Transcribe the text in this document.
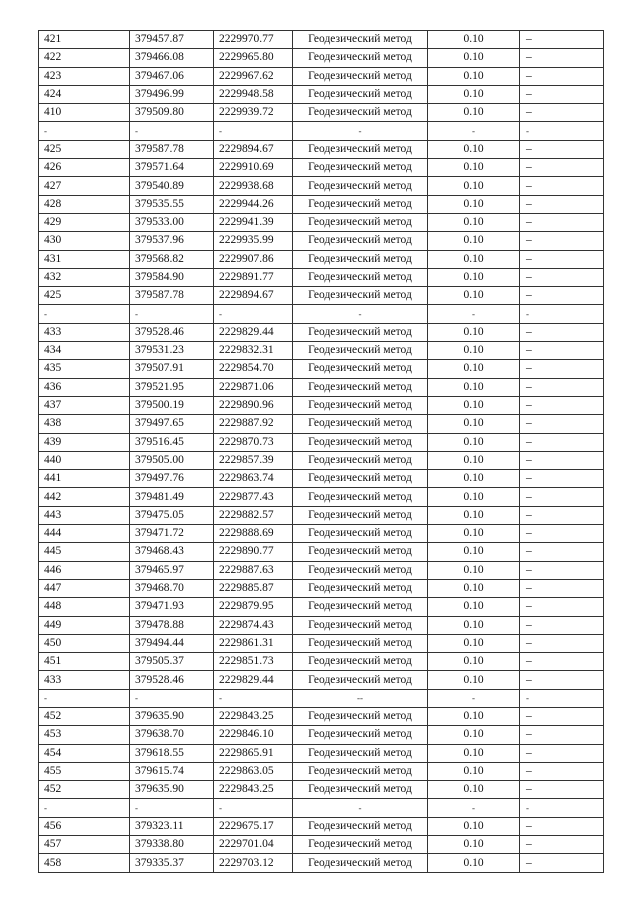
421	379457.87	2229970.77	Геодезический метод	0.10	–
422	379466.08	2229965.80	Геодезический метод	0.10	–
423	379467.06	2229967.62	Геодезический метод	0.10	–
424	379496.99	2229948.58	Геодезический метод	0.10	–
410	379509.80	2229939.72	Геодезический метод	0.10	–
-	-	-	-	-	-
425	379587.78	2229894.67	Геодезический метод	0.10	–
426	379571.64	2229910.69	Геодезический метод	0.10	–
427	379540.89	2229938.68	Геодезический метод	0.10	–
428	379535.55	2229944.26	Геодезический метод	0.10	–
429	379533.00	2229941.39	Геодезический метод	0.10	–
430	379537.96	2229935.99	Геодезический метод	0.10	–
431	379568.82	2229907.86	Геодезический метод	0.10	–
432	379584.90	2229891.77	Геодезический метод	0.10	–
425	379587.78	2229894.67	Геодезический метод	0.10	–
-	-	-	-	-	-
433	379528.46	2229829.44	Геодезический метод	0.10	–
434	379531.23	2229832.31	Геодезический метод	0.10	–
435	379507.91	2229854.70	Геодезический метод	0.10	–
436	379521.95	2229871.06	Геодезический метод	0.10	–
437	379500.19	2229890.96	Геодезический метод	0.10	–
438	379497.65	2229887.92	Геодезический метод	0.10	–
439	379516.45	2229870.73	Геодезический метод	0.10	–
440	379505.00	2229857.39	Геодезический метод	0.10	–
441	379497.76	2229863.74	Геодезический метод	0.10	–
442	379481.49	2229877.43	Геодезический метод	0.10	–
443	379475.05	2229882.57	Геодезический метод	0.10	–
444	379471.72	2229888.69	Геодезический метод	0.10	–
445	379468.43	2229890.77	Геодезический метод	0.10	–
446	379465.97	2229887.63	Геодезический метод	0.10	–
447	379468.70	2229885.87	Геодезический метод	0.10	–
448	379471.93	2229879.95	Геодезический метод	0.10	–
449	379478.88	2229874.43	Геодезический метод	0.10	–
450	379494.44	2229861.31	Геодезический метод	0.10	–
451	379505.37	2229851.73	Геодезический метод	0.10	–
433	379528.46	2229829.44	Геодезический метод	0.10	–
-	-	-	--	-	-
452	379635.90	2229843.25	Геодезический метод	0.10	–
453	379638.70	2229846.10	Геодезический метод	0.10	–
454	379618.55	2229865.91	Геодезический метод	0.10	–
455	379615.74	2229863.05	Геодезический метод	0.10	–
452	379635.90	2229843.25	Геодезический метод	0.10	–
-	-	-	-	-	-
456	379323.11	2229675.17	Геодезический метод	0.10	–
457	379338.80	2229701.04	Геодезический метод	0.10	–
458	379335.37	2229703.12	Геодезический метод	0.10	–
